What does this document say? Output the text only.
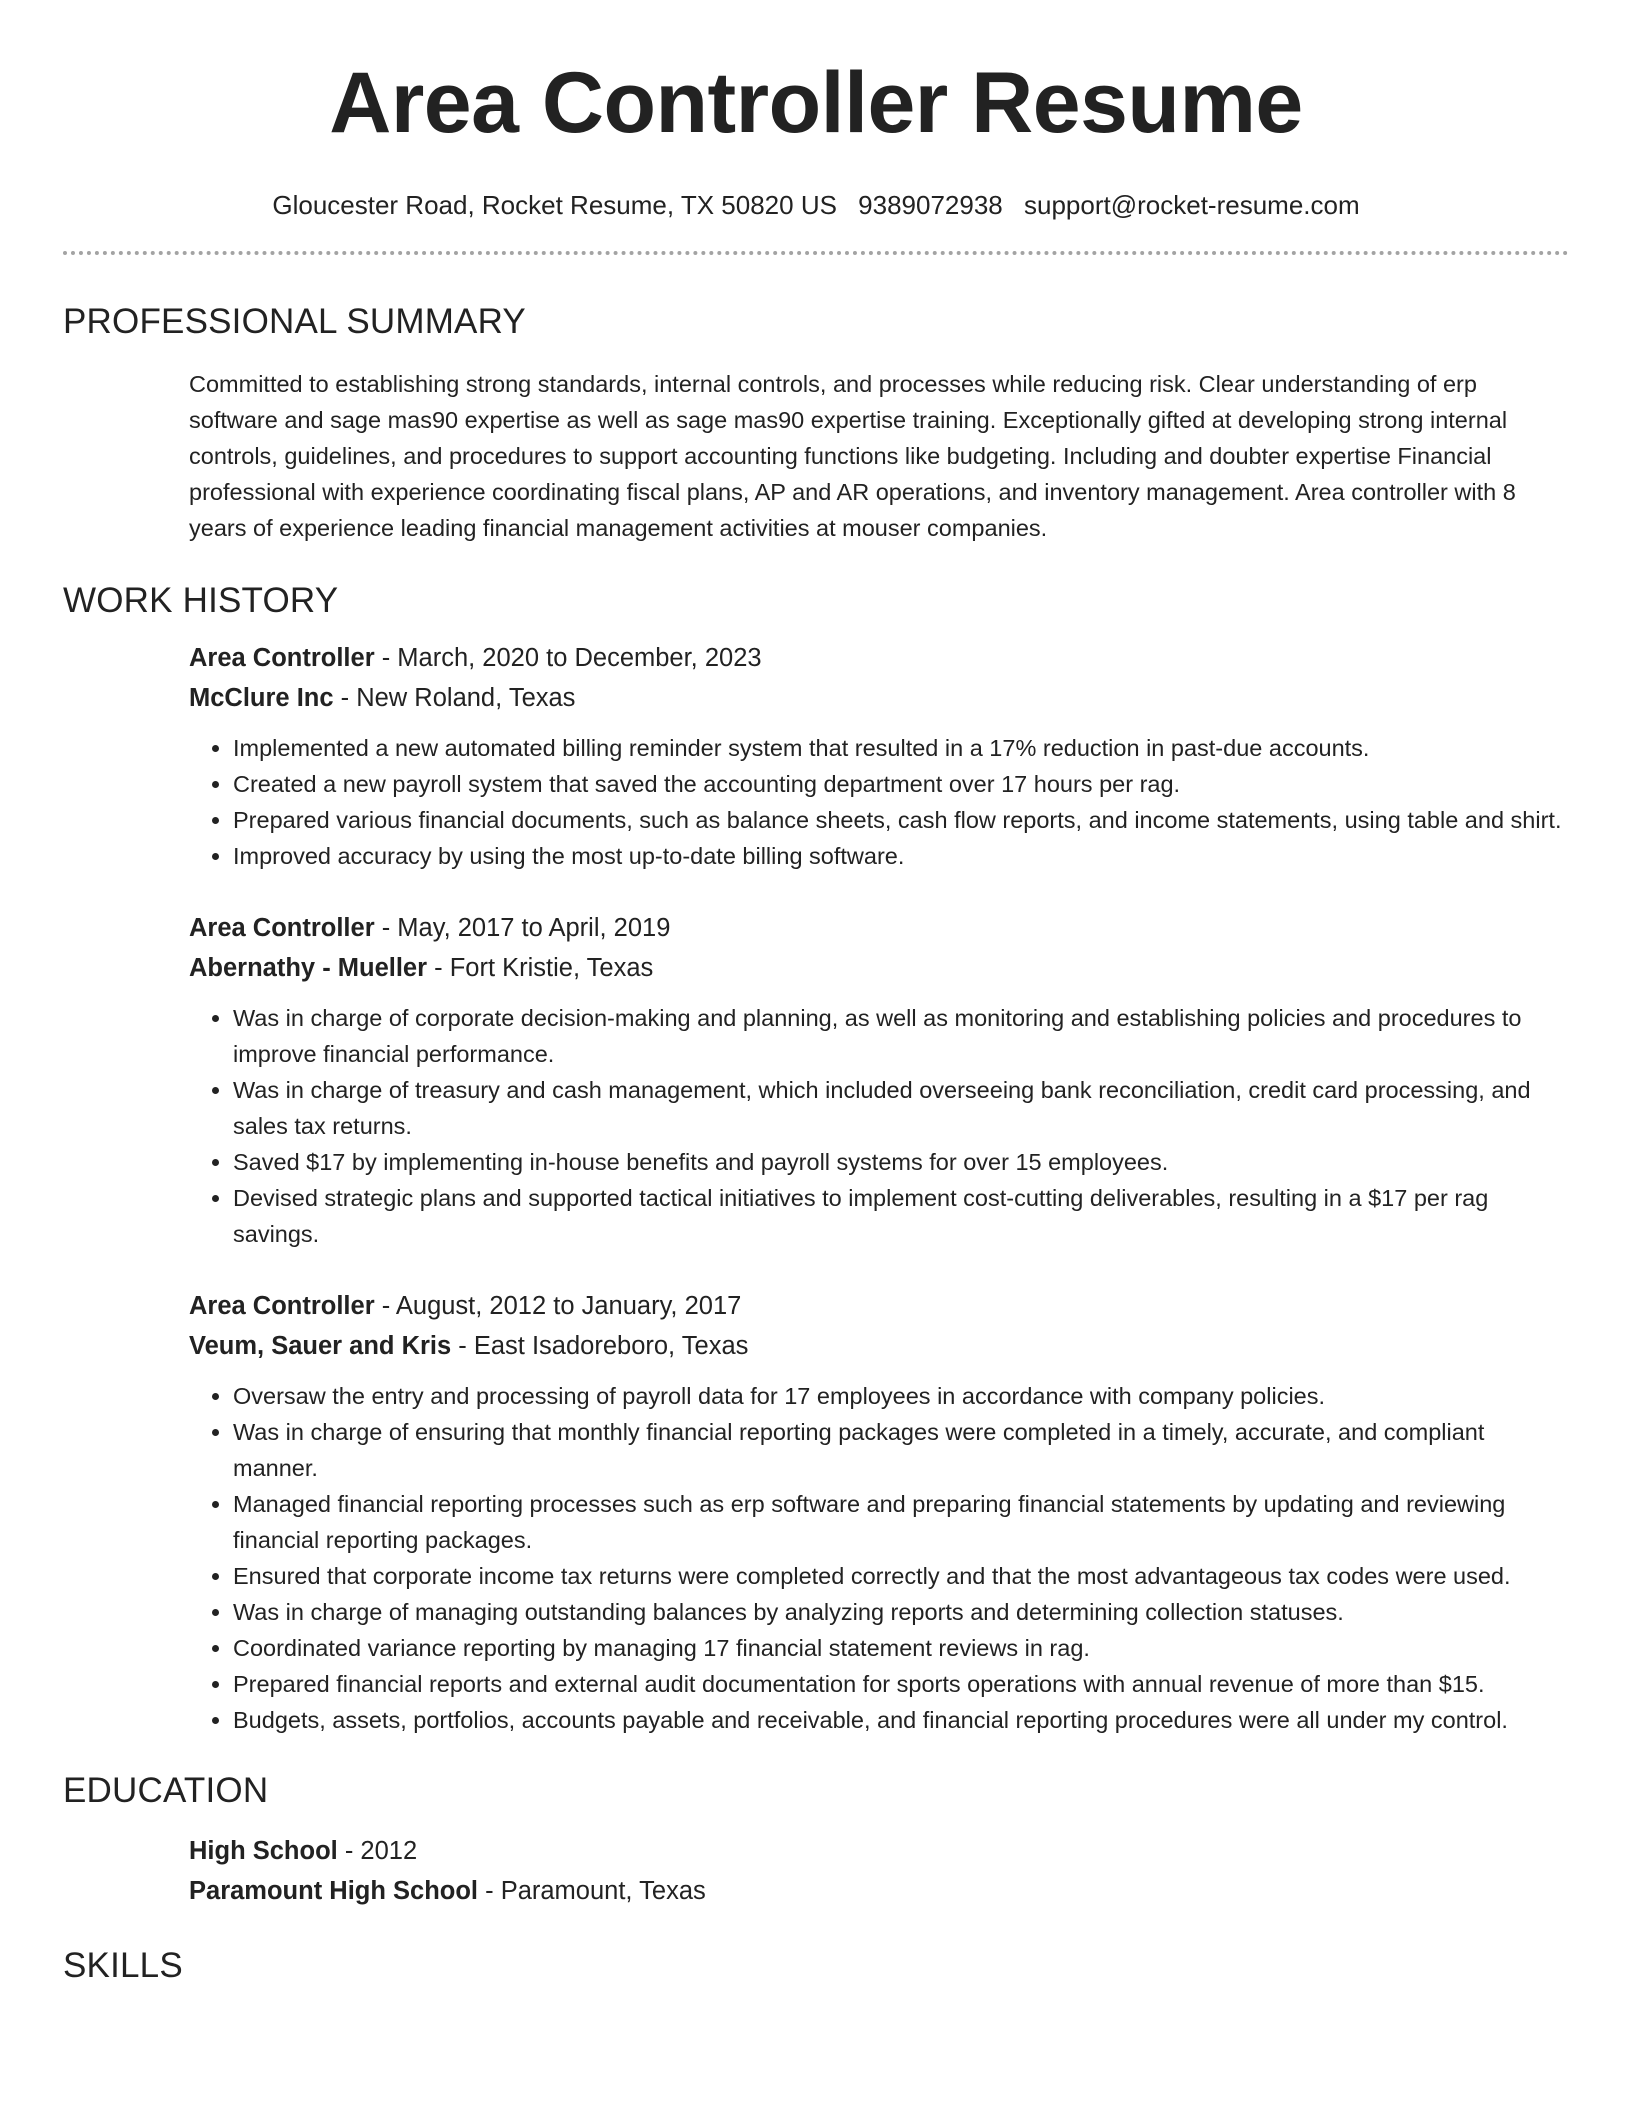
Area Controller Resume
Gloucester Road, Rocket Resume, TX 50820 US 9389072938 support@rocket-resume.com
PROFESSIONAL SUMMARY

Committed to establishing strong standards, internal controls, and processes while reducing risk. Clear understanding of erp software and sage mas90 expertise as well as sage mas90 expertise training. Exceptionally gifted at developing strong internal controls, guidelines, and procedures to support accounting functions like budgeting. Including and doubter expertise Financial professional with experience coordinating fiscal plans, AP and AR operations, and inventory management. Area controller with 8 years of experience leading financial management activities at mouser companies.

WORK HISTORY
Area Controller - March, 2020 to December, 2023
McClure Inc - New Roland, Texas
• Implemented a new automated billing reminder system that resulted in a 17% reduction in past-due accounts.
• Created a new payroll system that saved the accounting department over 17 hours per rag.
• Prepared various financial documents, such as balance sheets, cash flow reports, and income statements, using table and shirt.
• Improved accuracy by using the most up-to-date billing software.
Area Controller - May, 2017 to April, 2019
Abernathy - Mueller - Fort Kristie, Texas
• Was in charge of corporate decision-making and planning, as well as monitoring and establishing policies and procedures to improve financial performance.
• Was in charge of treasury and cash management, which included overseeing bank reconciliation, credit card processing, and sales tax returns.
• Saved $17 by implementing in-house benefits and payroll systems for over 15 employees.
• Devised strategic plans and supported tactical initiatives to implement cost-cutting deliverables, resulting in a $17 per rag savings.
Area Controller - August, 2012 to January, 2017
Veum, Sauer and Kris - East Isadoreboro, Texas
• Oversaw the entry and processing of payroll data for 17 employees in accordance with company policies.
• Was in charge of ensuring that monthly financial reporting packages were completed in a timely, accurate, and compliant manner.
• Managed financial reporting processes such as erp software and preparing financial statements by updating and reviewing financial reporting packages.
• Ensured that corporate income tax returns were completed correctly and that the most advantageous tax codes were used.
• Was in charge of managing outstanding balances by analyzing reports and determining collection statuses.
• Coordinated variance reporting by managing 17 financial statement reviews in rag.
• Prepared financial reports and external audit documentation for sports operations with annual revenue of more than $15.
• Budgets, assets, portfolios, accounts payable and receivable, and financial reporting procedures were all under my control.
EDUCATION
High School - 2012
Paramount High School - Paramount, Texas
SKILLS
